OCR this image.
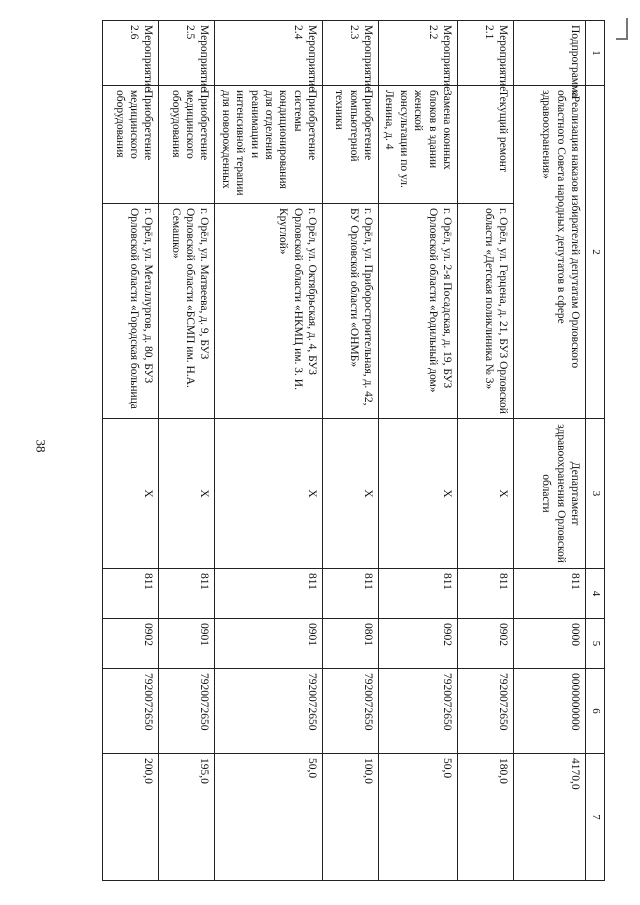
38
1	2		3	4	5	6	7
Подпрограмма	«Реализация наказов избирателей депутатам Орловского областного Совета народных депутатов в сфере здравоохранения»		Департамент здравоохранения Орловской области	811	0000	0000000000	4170,0
Мероприятие 2.1	Текущий ремонт	г. Орёл, ул. Герцена, д. 21, БУЗ Орловской области «Детская поликлиника № 3»	Х	811	0902	7920072650	180,0
Мероприятие 2.2	Замена оконных блоков в здании женской консультации по ул. Ленина, д. 4	г. Орёл, ул. 2-я Посадская, д. 19, БУЗ Орловской области «Родильный дом»	Х	811	0902	7920072650	50,0
Мероприятие 2.3	Приобретение компьютерной техники	г. Орёл, ул. Приборостроительная, д. 42, БУ Орловской области «ОНМБ»	Х	811	0801	7920072650	100,0
Мероприятие 2.4	Приобретение системы кондиционирования для отделения реанимации и интенсивной терапии для новорожденных	г. Орёл, ул. Октябрьская, д. 4, БУЗ Орловской области «НКМЦ им. З. И. Круглой»	Х	811	0901	7920072650	50,0
Мероприятие 2.5	Приобретение медицинского оборудования	г. Орёл, ул. Матвеева, д. 9, БУЗ Орловской области «БСМП им. Н.А. Семашко»	Х	811	0901	7920072650	195,0
Мероприятие 2.6	Приобретение медицинского оборудования	г. Орёл, ул. Металлургов, д. 80, БУЗ Орловской области «Городская больница	Х	811	0902	7920072650	200,0
